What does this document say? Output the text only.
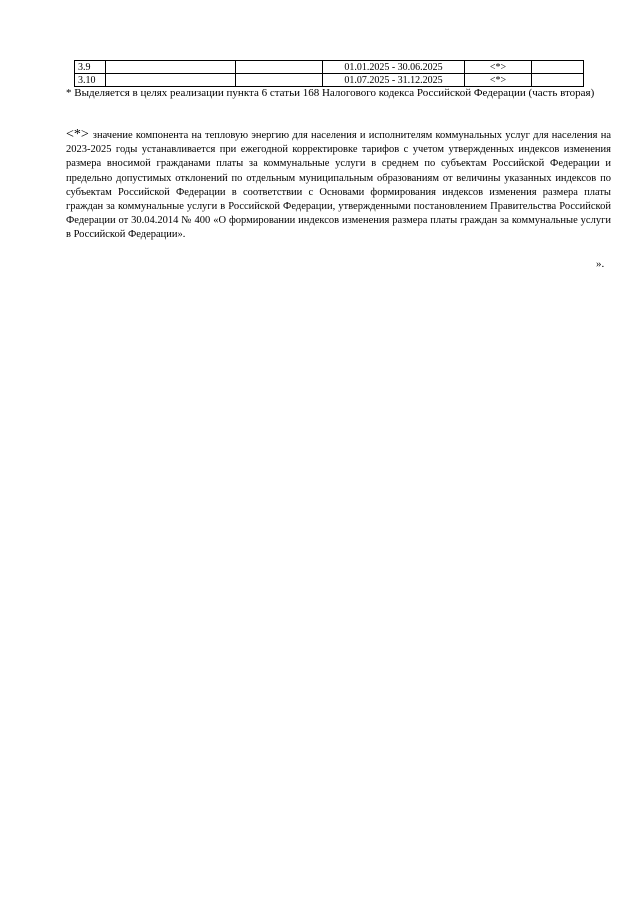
3.9			01.01.2025 - 30.06.2025	<*>	
3.10			01.07.2025 - 31.12.2025	<*>	
* Выделяется в целях реализации пункта 6 статьи 168 Налогового кодекса Российской Федерации (часть вторая)
<*> значение компонента на тепловую энергию для населения и исполнителям коммунальных услуг для населения на 2023-2025 годы устанавливается при ежегодной корректировке тарифов с учетом утвержденных индексов изменения размера вносимой гражданами платы за коммунальные услуги в среднем по субъектам Российской Федерации и предельно допустимых отклонений по отдельным муниципальным образованиям от величины указанных индексов по субъектам Российской Федерации в соответствии с Основами формирования индексов изменения размера платы граждан за коммунальные услуги в Российской Федерации, утвержденными постановлением Правительства Российской Федерации от 30.04.2014 № 400 «О формировании индексов изменения размера платы граждан за коммунальные услуги в Российской Федерации».
».
